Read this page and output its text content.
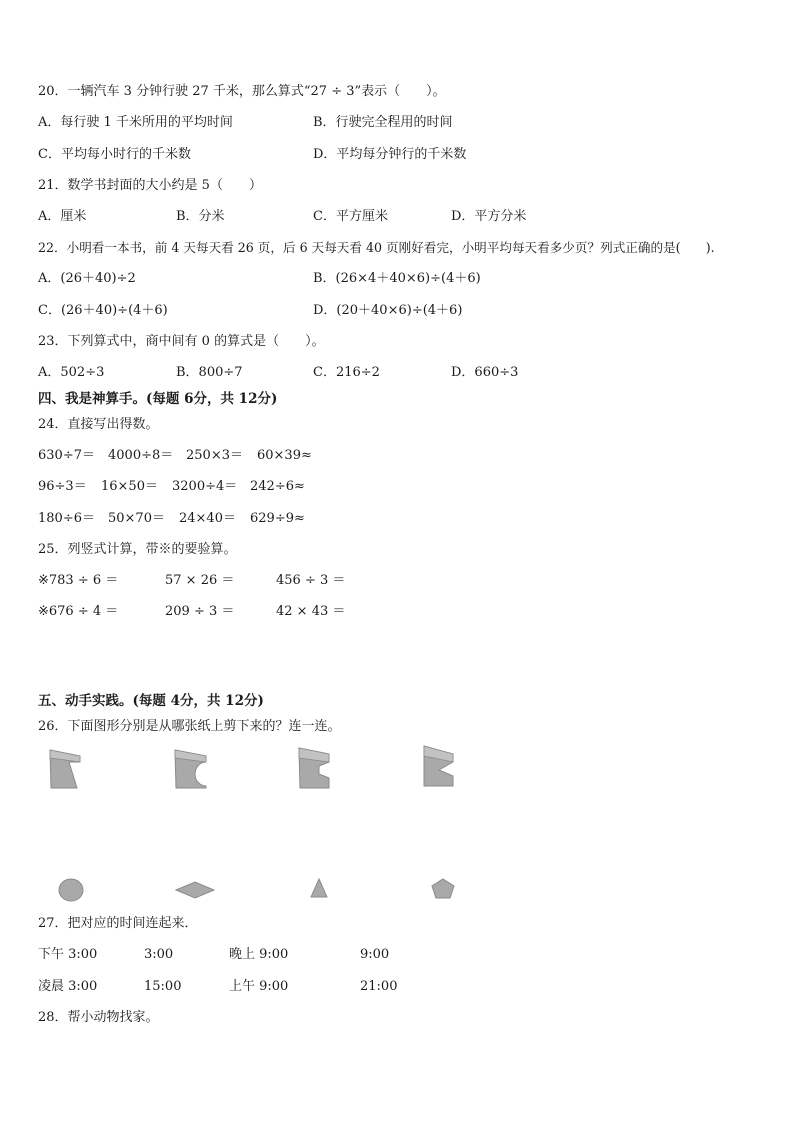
20．一辆汽车 3 分钟行驶 27 千米，那么算式“27 ÷ 3”表示（　　）。
A．每行驶 1 千米所用的平均时间	B．行驶完全程用的时间
C．平均每小时行的千米数	D．平均每分钟行的千米数
21．数学书封面的大小约是 5（　　）
A．厘米	B．分米	C．平方厘米	D．平方分米
22．小明看一本书，前 4 天每天看 26 页，后 6 天每天看 40 页刚好看完，小明平均每天看多少页？列式正确的是(　　).
A．(26＋40)÷2	B．(26×4＋40×6)÷(4＋6)
C．(26＋40)÷(4＋6)	D．(20＋40×6)÷(4＋6)
23．下列算式中，商中间有 0 的算式是（　　）。
A．502÷3	B．800÷7	C．216÷2	D．660÷3
四、我是神算手。(每题 6分，共 12分)
24．直接写出得数。
630÷7＝ 4000÷8＝ 250×3＝ 60×39≈
96÷3＝ 16×50＝ 3200÷4＝ 242÷6≈
180÷6＝ 50×70＝ 24×40＝ 629÷9≈
25．列竖式计算，带※的要验算。
※783 ÷ 6 ＝	57 × 26 ＝	456 ÷ 3 ＝
※676 ÷ 4 ＝	209 ÷ 3 ＝	42 × 43 ＝
五、动手实践。(每题 4分，共 12分)
26．下面图形分别是从哪张纸上剪下来的？连一连。
27．把对应的时间连起来．
下午 3:00	3:00	晚上 9:00	9:00
凌晨 3:00	15:00	上午 9:00	21:00
28．帮小动物找家。
